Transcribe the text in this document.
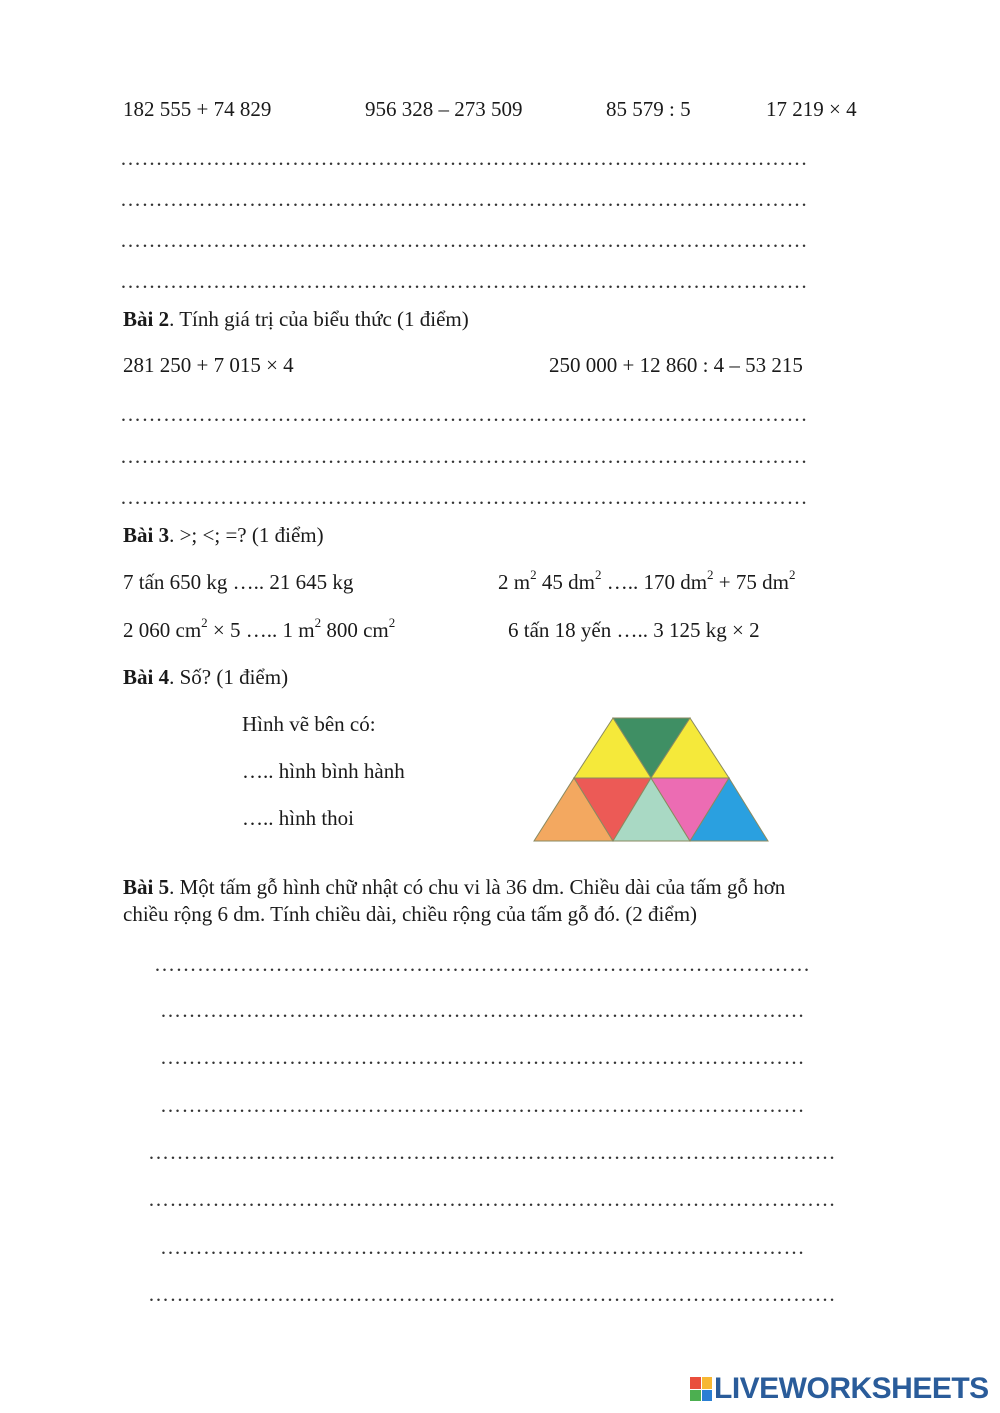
182 555 + 74 829	956 328 – 273 509	85 579 : 5	17 219 × 4
……………………………………………………………………………………
……………………………………………………………………………………
……………………………………………………………………………………
……………………………………………………………………………………
Bài 2. Tính giá trị của biểu thức (1 điểm)
281 250 + 7 015 × 4	250 000 + 12 860 : 4 – 53 215
……………………………………………………………………………………
……………………………………………………………………………………
……………………………………………………………………………………
Bài 3. >; <; =? (1 điểm)
7 tấn 650 kg ….. 21 645 kg	2 $m^2$ 45 $dm^2$ ….. 170 $dm^2 + 75$ $dm^2$
2 060 $cm^2 \times 5$ ….. 1 $m^2$ 800 $cm^2$	6 tấn 18 yến ….. 3 125 kg × 2
Bài 4. Số? (1 điểm)
Hình vẽ bên có:
….. hình bình hành
….. hình thoi
Bài 5. Một tấm gỗ hình chữ nhật có chu vi là 36 dm. Chiều dài của tấm gỗ hơn
chiều rộng 6 dm. Tính chiều dài, chiều rộng của tấm gỗ đó. (2 điểm)
…………………………..……………………………………………………
………………………………………………………………………………
………………………………………………………………………………
………………………………………………………………………………
……………………………………………………………………………………
……………………………………………………………………………………
………………………………………………………………………………
……………………………………………………………………………………
LIVEWORKSHEETS
